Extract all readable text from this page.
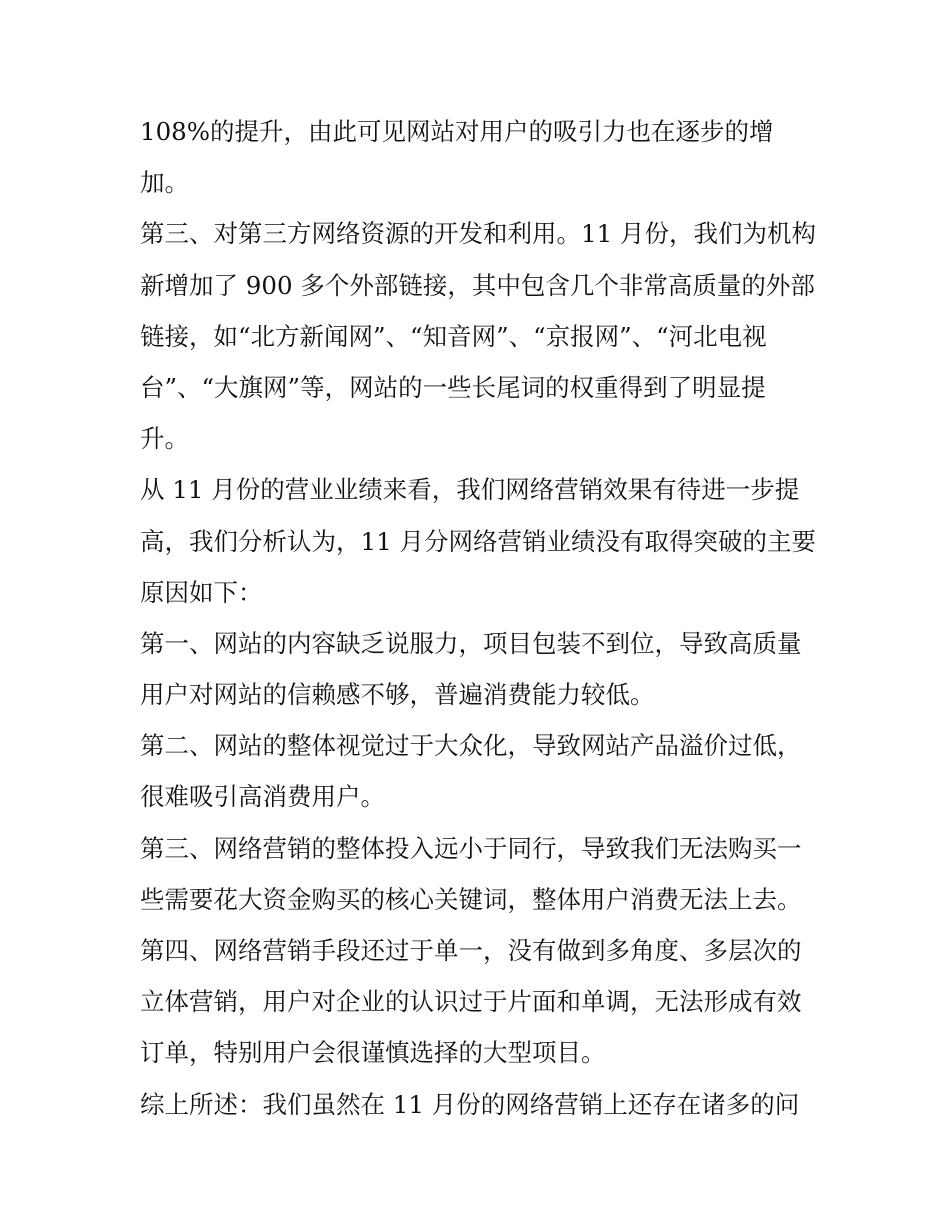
108%的提升，由此可见网站对用户的吸引力也在逐步的增
加。
第三、对第三方网络资源的开发和利用。11 月份，我们为机构
新增加了 900 多个外部链接，其中包含几个非常高质量的外部
链接，如“北方新闻网”、“知音网”、“京报网”、“河北电视
台”、“大旗网”等，网站的一些长尾词的权重得到了明显提
升。
从 11 月份的营业业绩来看，我们网络营销效果有待进一步提
高，我们分析认为，11 月分网络营销业绩没有取得突破的主要
原因如下：
第一、网站的内容缺乏说服力，项目包装不到位，导致高质量
用户对网站的信赖感不够，普遍消费能力较低。
第二、网站的整体视觉过于大众化，导致网站产品溢价过低，
很难吸引高消费用户。
第三、网络营销的整体投入远小于同行，导致我们无法购买一
些需要花大资金购买的核心关键词，整体用户消费无法上去。
第四、网络营销手段还过于单一，没有做到多角度、多层次的
立体营销，用户对企业的认识过于片面和单调，无法形成有效
订单，特别用户会很谨慎选择的大型项目。
综上所述：我们虽然在 11 月份的网络营销上还存在诸多的问
